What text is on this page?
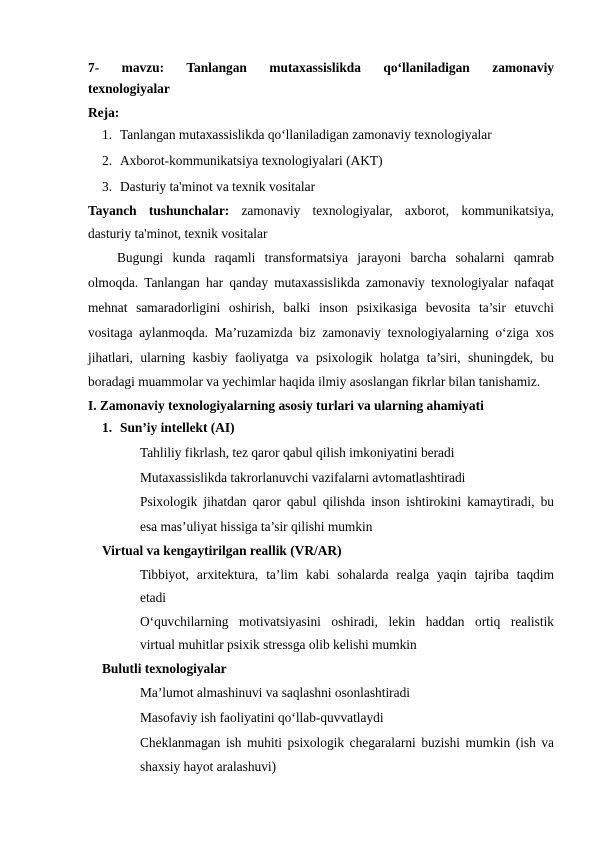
7- mavzu: Tanlangan mutaxassislikda qo‘llaniladigan zamonaviy
texnologiyalar
Reja:
1. Tanlangan mutaxassislikda qo‘llaniladigan zamonaviy texnologiyalar
2. Axborot-kommunikatsiya texnologiyalari (AKT)
3. Dasturiy ta'minot va texnik vositalar
Tayanch tushunchalar: zamonaviy texnologiyalar, axborot, kommunikatsiya,
dasturiy ta'minot, texnik vositalar
Bugungi kunda raqamli transformatsiya jarayoni barcha sohalarni qamrab
olmoqda. Tanlangan har qanday mutaxassislikda zamonaviy texnologiyalar nafaqat
mehnat samaradorligini oshirish, balki inson psixikasiga bevosita ta’sir etuvchi
vositaga aylanmoqda. Ma’ruzamizda biz zamonaviy texnologiyalarning o‘ziga xos
jihatlari, ularning kasbiy faoliyatga va psixologik holatga ta’siri, shuningdek, bu
boradagi muammolar va yechimlar haqida ilmiy asoslangan fikrlar bilan tanishamiz.
I. Zamonaviy texnologiyalarning asosiy turlari va ularning ahamiyati
1. Sun’iy intellekt (AI)
Tahliliy fikrlash, tez qaror qabul qilish imkoniyatini beradi
Mutaxassislikda takrorlanuvchi vazifalarni avtomatlashtiradi
Psixologik jihatdan qaror qabul qilishda inson ishtirokini kamaytiradi, bu
esa mas’uliyat hissiga ta’sir qilishi mumkin
Virtual va kengaytirilgan reallik (VR/AR)
Tibbiyot, arxitektura, ta’lim kabi sohalarda realga yaqin tajriba taqdim
etadi
O‘quvchilarning motivatsiyasini oshiradi, lekin haddan ortiq realistik
virtual muhitlar psixik stressga olib kelishi mumkin
Bulutli texnologiyalar
Ma’lumot almashinuvi va saqlashni osonlashtiradi
Masofaviy ish faoliyatini qo‘llab-quvvatlaydi
Cheklanmagan ish muhiti psixologik chegaralarni buzishi mumkin (ish va
shaxsiy hayot aralashuvi)
